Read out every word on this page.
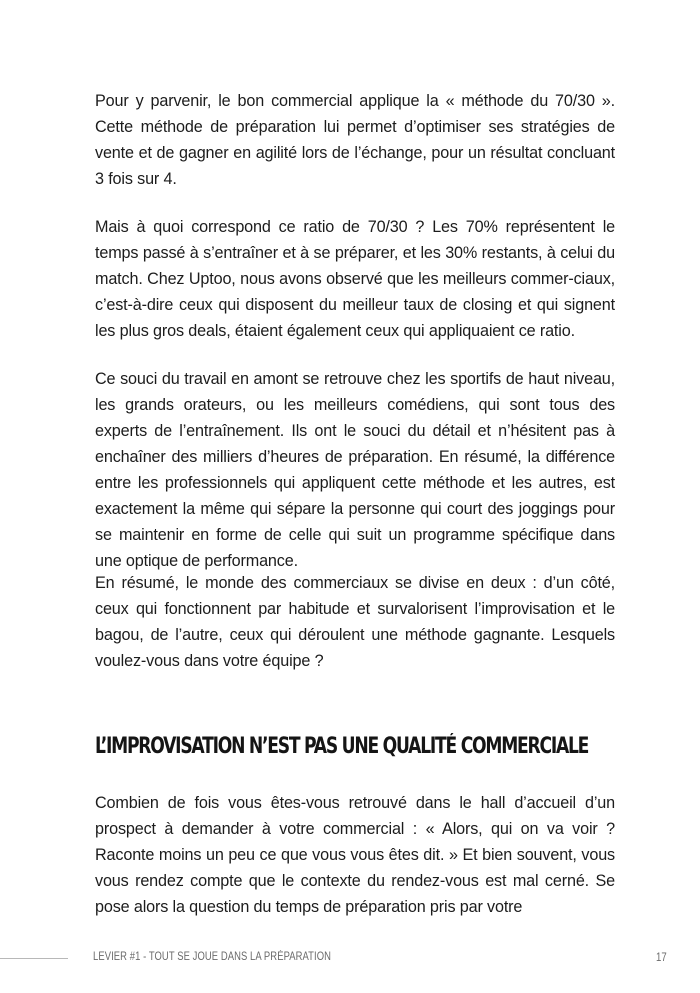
Pour y parvenir, le bon commercial applique la « méthode du 70/30 ». Cette méthode de préparation lui permet d’optimiser ses stratégies de vente et de gagner en agilité lors de l’échange, pour un résultat concluant 3 fois sur 4.

Mais à quoi correspond ce ratio de 70/30 ? Les 70% représentent le temps passé à s’entraîner et à se préparer, et les 30% restants, à celui du match. Chez Uptoo, nous avons observé que les meilleurs commer-ciaux, c’est-à-dire ceux qui disposent du meilleur taux de closing et qui signent les plus gros deals, étaient également ceux qui appliquaient ce ratio.

Ce souci du travail en amont se retrouve chez les sportifs de haut niveau, les grands orateurs, ou les meilleurs comédiens, qui sont tous des experts de l’entraînement. Ils ont le souci du détail et n’hésitent pas à enchaîner des milliers d’heures de préparation. En résumé, la différence entre les professionnels qui appliquent cette méthode et les autres, est exactement la même qui sépare la personne qui court des joggings pour se maintenir en forme de celle qui suit un programme spécifique dans une optique de performance.

En résumé, le monde des commerciaux se divise en deux : d’un côté, ceux qui fonctionnent par habitude et survalorisent l’improvisation et le bagou, de l’autre, ceux qui déroulent une méthode gagnante. Lesquels voulez-vous dans votre équipe ?

L’IMPROVISATION N’EST PAS UNE QUALITÉ COMMERCIALE

Combien de fois vous êtes-vous retrouvé dans le hall d’accueil d’un prospect à demander à votre commercial : « Alors, qui on va voir ? Raconte moins un peu ce que vous vous êtes dit. » Et bien souvent, vous vous rendez compte que le contexte du rendez-vous est mal cerné. Se pose alors la question du temps de préparation pris par votre

LEVIER #1 - TOUT SE JOUE DANS LA PRÉPARATION	17
